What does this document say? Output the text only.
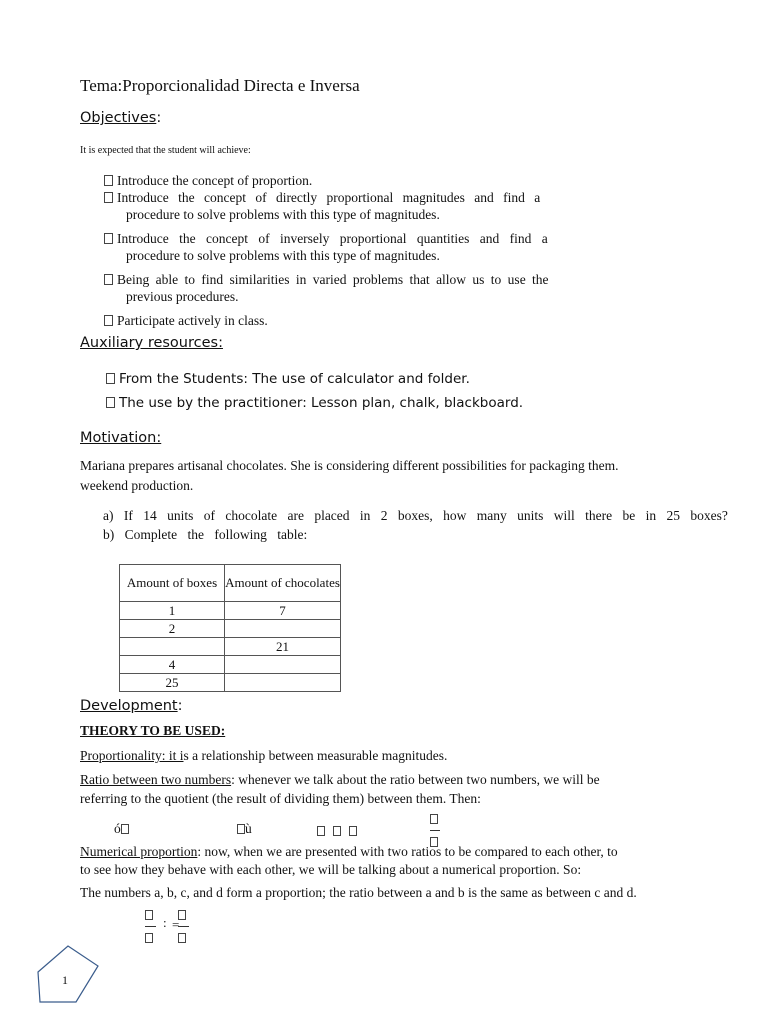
Tema:Proporcionalidad Directa e Inversa
Objectives:
It is expected that the student will achieve:
Introduce the concept of proportion.
Introduce the concept of directly proportional magnitudes and find a
procedure to solve problems with this type of magnitudes.
Introduce the concept of inversely proportional quantities and find a
procedure to solve problems with this type of magnitudes.
Being able to find similarities in varied problems that allow us to use the
previous procedures.
Participate actively in class.
Auxiliary resources:
From the Students: The use of calculator and folder.
The use by the practitioner: Lesson plan, chalk, blackboard.
Motivation:
Mariana prepares artisanal chocolates. She is considering different possibilities for packaging them.
weekend production.
a) If 14 units of chocolate are placed in 2 boxes, how many units will there be in 25 boxes?
b) Complete the following table:
Amount of boxes	Amount of chocolates
1	7
2	
	21
4	
25	
Development:
THEORY TO BE USED:
Proportionality: it is a relationship between measurable magnitudes.
Ratio between two numbers: whenever we talk about the ratio between two numbers, we will be
referring to the quotient (the result of dividing them) between them. Then:
ó	ù

Numerical proportion: now, when we are presented with two ratios to be compared to each other, to
to see how they behave with each other, we will be talking about a numerical proportion. So:
The numbers a, b, c, and d form a proportion; the ratio between a and b is the same as between c and d.
: =
1
